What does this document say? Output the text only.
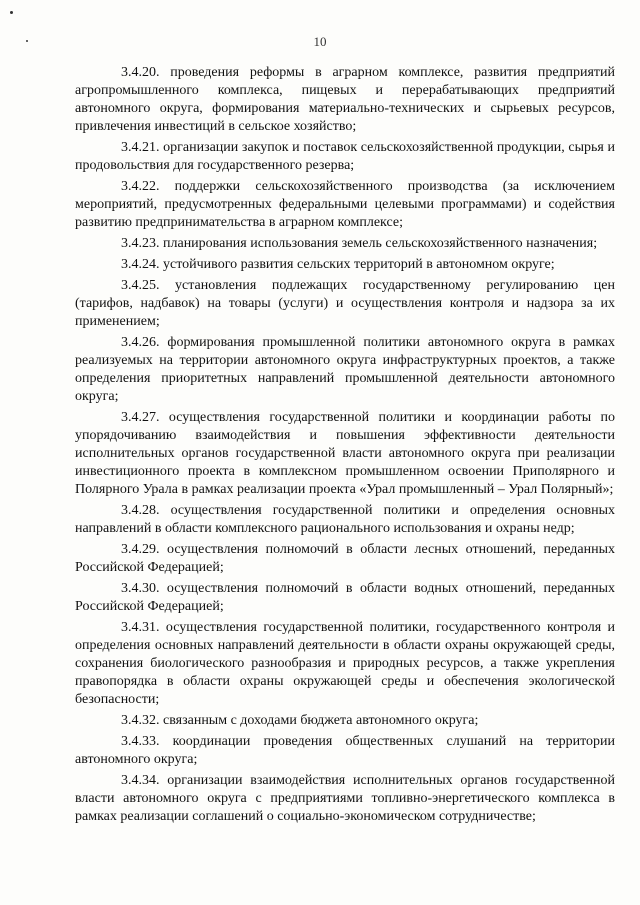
10

3.4.20. проведения реформы в аграрном комплексе, развития предприятий агропромышленного комплекса, пищевых и перерабатывающих предприятий автономного округа, формирования материально-технических и сырьевых ресурсов, привлечения инвестиций в сельское хозяйство;

3.4.21. организации закупок и поставок сельскохозяйственной продукции, сырья и продовольствия для государственного резерва;

3.4.22. поддержки сельскохозяйственного производства (за исключением мероприятий, предусмотренных федеральными целевыми программами) и содействия развитию предпринимательства в аграрном комплексе;

3.4.23. планирования использования земель сельскохозяйственного назначения;

3.4.24. устойчивого развития сельских территорий в автономном округе;

3.4.25. установления подлежащих государственному регулированию цен (тарифов, надбавок) на товары (услуги) и осуществления контроля и надзора за их применением;

3.4.26. формирования промышленной политики автономного округа в рамках реализуемых на территории автономного округа инфраструктурных проектов, а также определения приоритетных направлений промышленной деятельности автономного округа;

3.4.27. осуществления государственной политики и координации работы по упорядочиванию взаимодействия и повышения эффективности деятельности исполнительных органов государственной власти автономного округа при реализации инвестиционного проекта в комплексном промышленном освоении Приполярного и Полярного Урала в рамках реализации проекта «Урал промышленный – Урал Полярный»;

3.4.28. осуществления государственной политики и определения основных направлений в области комплексного рационального использования и охраны недр;

3.4.29. осуществления полномочий в области лесных отношений, переданных Российской Федерацией;

3.4.30. осуществления полномочий в области водных отношений, переданных Российской Федерацией;

3.4.31. осуществления государственной политики, государственного контроля и определения основных направлений деятельности в области охраны окружающей среды, сохранения биологического разнообразия и природных ресурсов, а также укрепления правопорядка в области охраны окружающей среды и обеспечения экологической безопасности;

3.4.32. связанным с доходами бюджета автономного округа;

3.4.33. координации проведения общественных слушаний на территории автономного округа;

3.4.34. организации взаимодействия исполнительных органов государственной власти автономного округа с предприятиями топливно-энергетического комплекса в рамках реализации соглашений о социально-экономическом сотрудничестве;
